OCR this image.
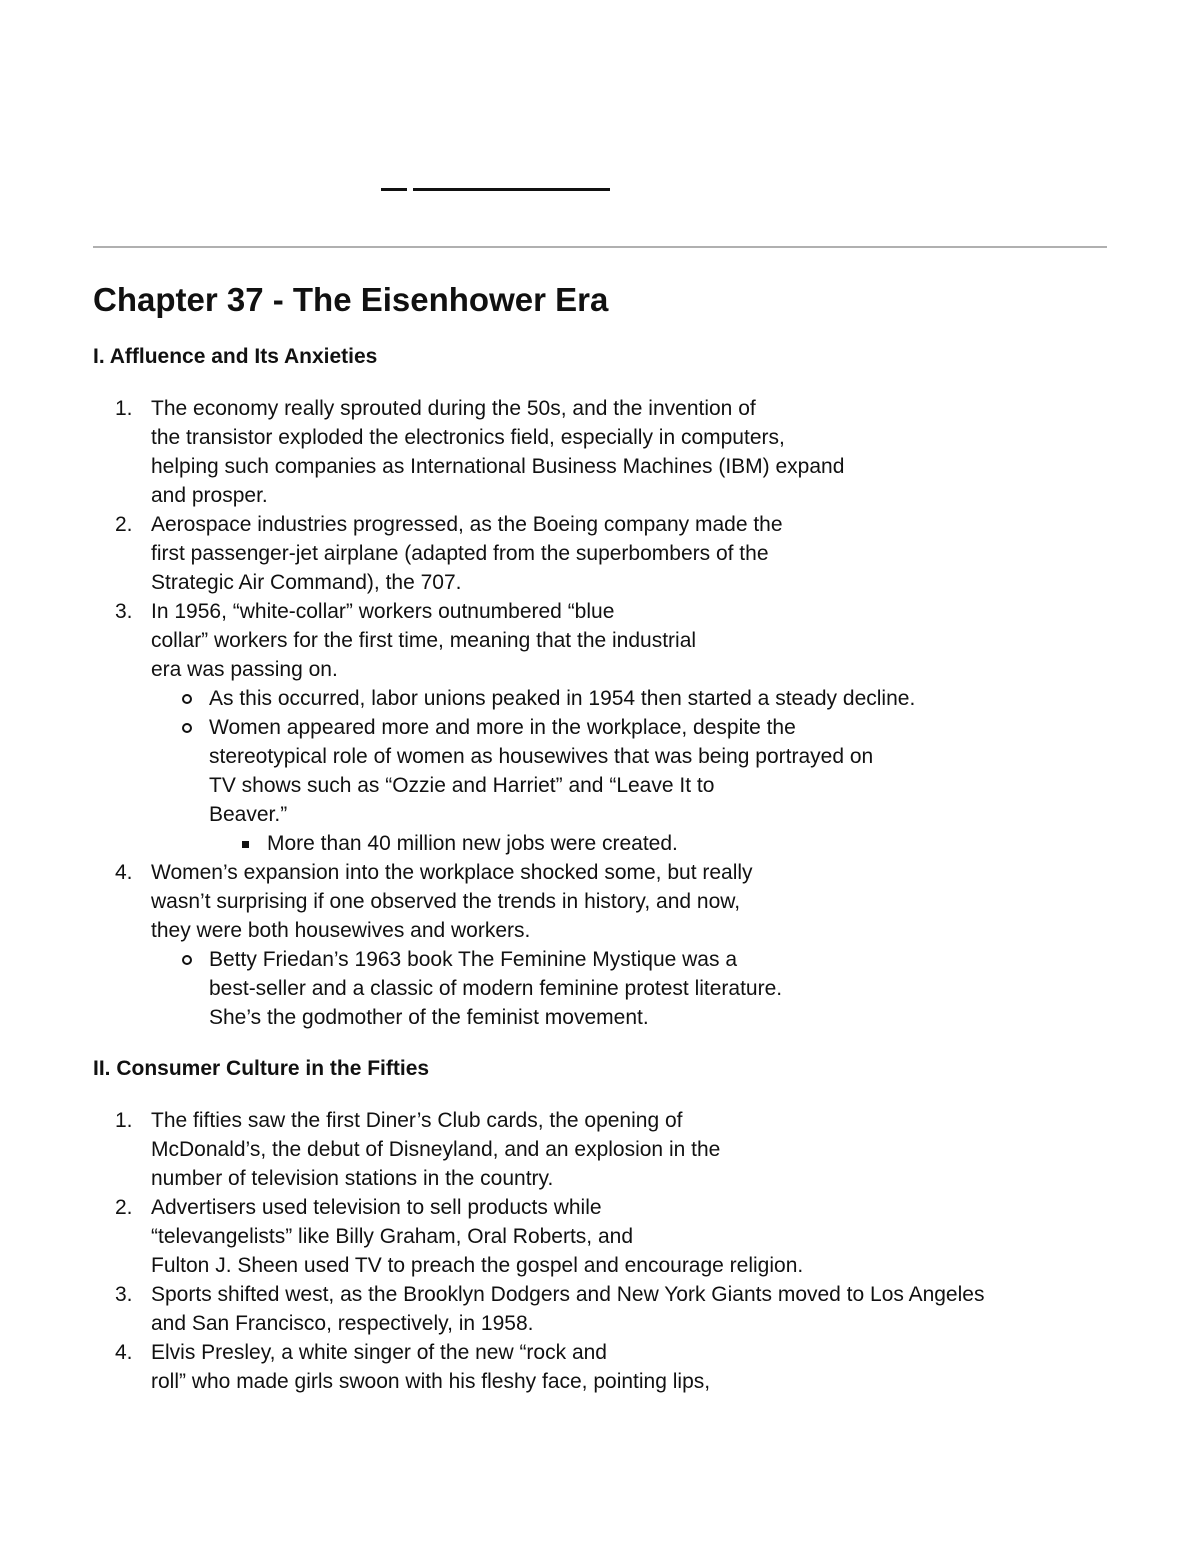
Chapter 37 - The Eisenhower Era
I. Affluence and Its Anxieties
1. The economy really sprouted during the 50s, and the invention of
the transistor exploded the electronics field, especially in computers,
helping such companies as International Business Machines (IBM) expand
and prosper.
2. Aerospace industries progressed, as the Boeing company made the
first passenger-jet airplane (adapted from the superbombers of the
Strategic Air Command), the 707.
3. In 1956, “white-collar” workers outnumbered “blue
collar” workers for the first time, meaning that the industrial
era was passing on.
As this occurred, labor unions peaked in 1954 then started a steady decline.
Women appeared more and more in the workplace, despite the
stereotypical role of women as housewives that was being portrayed on
TV shows such as “Ozzie and Harriet” and “Leave It to
Beaver.”
More than 40 million new jobs were created.
4. Women’s expansion into the workplace shocked some, but really
wasn’t surprising if one observed the trends in history, and now,
they were both housewives and workers.
Betty Friedan’s 1963 book The Feminine Mystique was a
best-seller and a classic of modern feminine protest literature.
She’s the godmother of the feminist movement.
II. Consumer Culture in the Fifties
1. The fifties saw the first Diner’s Club cards, the opening of
McDonald’s, the debut of Disneyland, and an explosion in the
number of television stations in the country.
2. Advertisers used television to sell products while
“televangelists” like Billy Graham, Oral Roberts, and
Fulton J. Sheen used TV to preach the gospel and encourage religion.
3. Sports shifted west, as the Brooklyn Dodgers and New York Giants moved to Los Angeles
and San Francisco, respectively, in 1958.
4. Elvis Presley, a white singer of the new “rock and
roll” who made girls swoon with his fleshy face, pointing lips,
